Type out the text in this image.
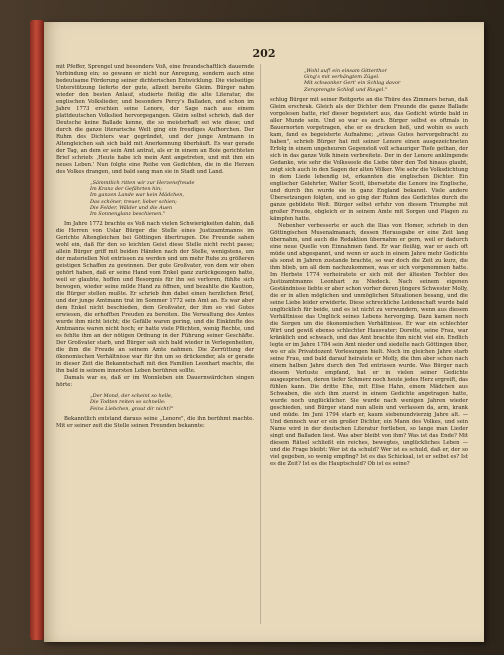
202

mit Pfeffer, Sprengel und besonders Voß, eine freundschaftlich dauernde Verbindung ein; so gewann er nicht nur Anregung, sondern auch eine bedeutsame Förderung seiner dichterischen Entwicklung. Die vielseitige Unterstützung lieferte der gute, allzeit bereite Gleim. Bürger nahm wieder den besten Anlauf, studierte fleißig die alte Literatur, die englischen Volkslieder, und besonders Percy's Balladen, und schon im Jahre 1773 erschien seine Lenore, der Sage nach aus einem plattdeutschen Volkslied hervorgegangen. Gleim selbst schrieb, daß der Deutsche keine Ballade kenne, die so meisterhaft sei wie diese; und durch die ganze literarische Welt ging ein freudiges Aufhorchen. Der Ruhm des Dichters war gegründet, und der junge Amtmann in Altengleichen sah sich bald mit Anerkennung überhäuft. Es war gerade der Tag, an dem er sein Amt antrat, als er in einem an Boie gerichteten Brief schrieb: ‚Heute habe ich mein Amt angetreten, und mit ihm ein neues Leben.' Nun folgte eine Reihe von Gedichten, die in die Herzen des Volkes drangen, und bald sang man sie in Stadt und Land.

„Sämmtlich ritten wir zur Herzensfreude
Im Kranz der Gefährten hin;
Im ganzen Lande war kein Mädchen,
Das schöner, treuer, lieber schien;
Die Felder, Wälder und die Auen
Im Sonnenglanz beschienen."

Im Jahre 1772 brachte es Voß nach vielen Schwierigkeiten dahin, daß die Herren von Uslar Bürger die Stelle eines Justizamtmanns im Gerichte Altengleichen bei Göttingen übertrugen. Die Freunde sahen wohl ein, daß für den so leichten Geist diese Stelle nicht recht passe; allein Bürger griff mit beiden Händen nach der Stelle, wenigstens, um der materiellen Not entrissen zu werden und um mehr Ruhe zu größeren geistigen Schaffen zu gewinnen. Der gute Großvater, von dem wir oben gehört haben, daß er seine Hand vom Enkel ganz zurückgezogen hatte, weil er glaubte, hoffen und Besorgnis für ihn sei verloren, fühlte sich bewogen, wieder seine milde Hand zu öffnen, und bezahlte die Kaution, die Bürger stellen mußte. Er schrieb ihm dabei einen herzlichen Brief, und der junge Amtmann trat im Sommer 1772 sein Amt an. Es war aber dem Enkel nicht beschieden, dem Großvater, der ihm so viel Gutes erwiesen, die erhofften Freuden zu bereiten. Die Verwaltung des Amtes wurde ihm nicht leicht; die Gefälle waren gering, und die Einkünfte des Amtmanns waren nicht hoch; er hatte viele Pflichten, wenig Rechte, und es fehlte ihm an der nötigen Ordnung in der Führung seiner Geschäfte. Der Großvater starb, und Bürger sah sich bald wieder in Verlegenheiten, die ihm die Freude an seinem Amte nahmen. Die Zerrüttung der ökonomischen Verhältnisse war für ihn um so drückender, als er gerade in dieser Zeit die Bekanntschaft mit den Familien Leonhart machte, die ihn bald in seinem innersten Leben berühren sollte.

Damals war es, daß er im Wonnleben ein Dauernwärdchen singen hörte:

„Der Mond, der scheint so helle,
Die Todten reiten so schnelle:
Feins Liebchen, graut dir nicht?"

Bekanntlich entstand daraus seine „Lenore", die ihn berühmt machte. Mit er seiner zeit die Stelle seinen Freunden bekannte:

„Wohl auf! ein einsam Gitterthor
Ging's mit verhängtem Zügel.
Mit schwanker Gert' ein Schlag davor
Zersprengte Schloß und Riegel."

schlug Bürger mit seiner Reitgerte an die Thüre des Zimmers heran, daß Gleim erschrak. Gleich als der Dichter dem Freunde die ganze Ballade vorgelesen hatte, rief dieser begeistert aus, das Gedicht würde bald in aller Munde sein. Und so war es auch. Bürger selbst es oftmals in Bauernorten vorgetragen, ehe er es drucken ließ, und wohin es auch kam, fand es begeisterte Aufnahme; „etwas Gutes hervorgebracht zu haben", schrieb Bürger hat mit seiner Lenore einen ausgezeichneten Erfolg in einem ungeheuren Gegenstoß voll schauriger Tiefe gethan, der sich in das ganze Volk hinein verbreitete. Der in der Lenore anklingende Gedanke, wie sehr die Volksseele die Liebe über den Tod hinaus glaubt, zeigt sich auch in den Sagen der alten Völker. Wie sehr die Volksdichtung in dem Liede lebendig ist, erkannten die englischen Dichter. Ein englischer Gelehrter, Walter Scott, übersetzte die Lenore ins Englische, und durch ihn wurde sie in ganz England bekannt. Viele andere Übersetzungen folgten, und so ging der Ruhm des Gedichtes durch die ganze gebildete Welt. Bürger selbst erfuhr von diesem Triumphe mit großer Freude, obgleich er in seinem Amte mit Sorgen und Plagen zu kämpfen hatte.

Nebenher verbesserte er auch die Ilias von Homer, schrieb in den Göttingischen Musenalmanach, dessen Herausgabe er eine Zeit lang übernahm, und auch die Redaktion übernahm er gern, weil er dadurch eine neue Quelle von Einnahmen fand. Er war fleißig, war er auch oft müde und abgespannt, und wenn er auch in einem Jahre mehr Gedichte als sonst in Jahren zustande brachte, so war doch die Zeit zu kurz, die ihm blieb, um all dem nachzukommen, was er sich vorgenommen hatte. Im Herbste 1774 verheiratete er sich mit der ältesten Tochter des Justizamtmanns Leonhart zu Niedeck. Nach seinem eigenen Geständnisse liebte er aber schon vorher deren jüngere Schwester Molly, die er in allen möglichen und unmöglichen Situationen besang, und die seine Liebe leider erwiderte. Diese schreckliche Leidenschaft wurde bald unglücklich für beide, und es ist nicht zu verwundern, wenn aus diesem Verhältnisse das Unglück seines Lebens hervorging. Dazu kamen noch die Sorgen um die ökonomischen Verhältnisse. Er war ein schlechter Wirt und gewiß ebenso schlechter Hausvater; Dorette, seine Frau, war kränklich und schwach, und das Amt brachte ihm nicht viel ein. Endlich legte er im Jahre 1784 sein Amt nieder und siedelte nach Göttingen über, wo er als Privatdozent Vorlesungen hielt. Noch im gleichen Jahre starb seine Frau, und bald darauf heiratete er Molly, die ihm aber schon nach einem halben Jahre durch den Tod entrissen wurde. Was Bürger nach diesem Verluste empfand, hat er in vielen seiner Gedichte ausgesprochen, deren tiefer Schmerz noch heute jedes Herz ergreift, das fühlen kann. Die dritte Ehe, mit Elise Hahn, einem Mädchen aus Schwaben, die sich ihm zuerst in einem Gedichte angetragen hatte, wurde noch unglücklicher. Sie wurde nach wenigen Jahren wieder geschieden, und Bürger stand nun allein und verlassen da, arm, krank und müde. Im Juni 1794 starb er, kaum siebenundvierzig Jahre alt. — Und dennoch war er ein großer Dichter, ein Mann des Volkes, und sein Name wird in der deutschen Literatur fortleben, so lange man Lieder singt und Balladen liest. Was aber bleibt von ihm? Was ist das Ende? Mit diesem Rätsel schließt ein reiches, bewegtes, unglückliches Leben — und die Frage bleibt: Wer ist da schuld? Wer ist es schuld, daß er, der so viel gegeben, so wenig empfing? Ist es das Schicksal, ist er selbst es? Ist es die Zeit? Ist es die Hauptschuld? Ob ist es seine?
